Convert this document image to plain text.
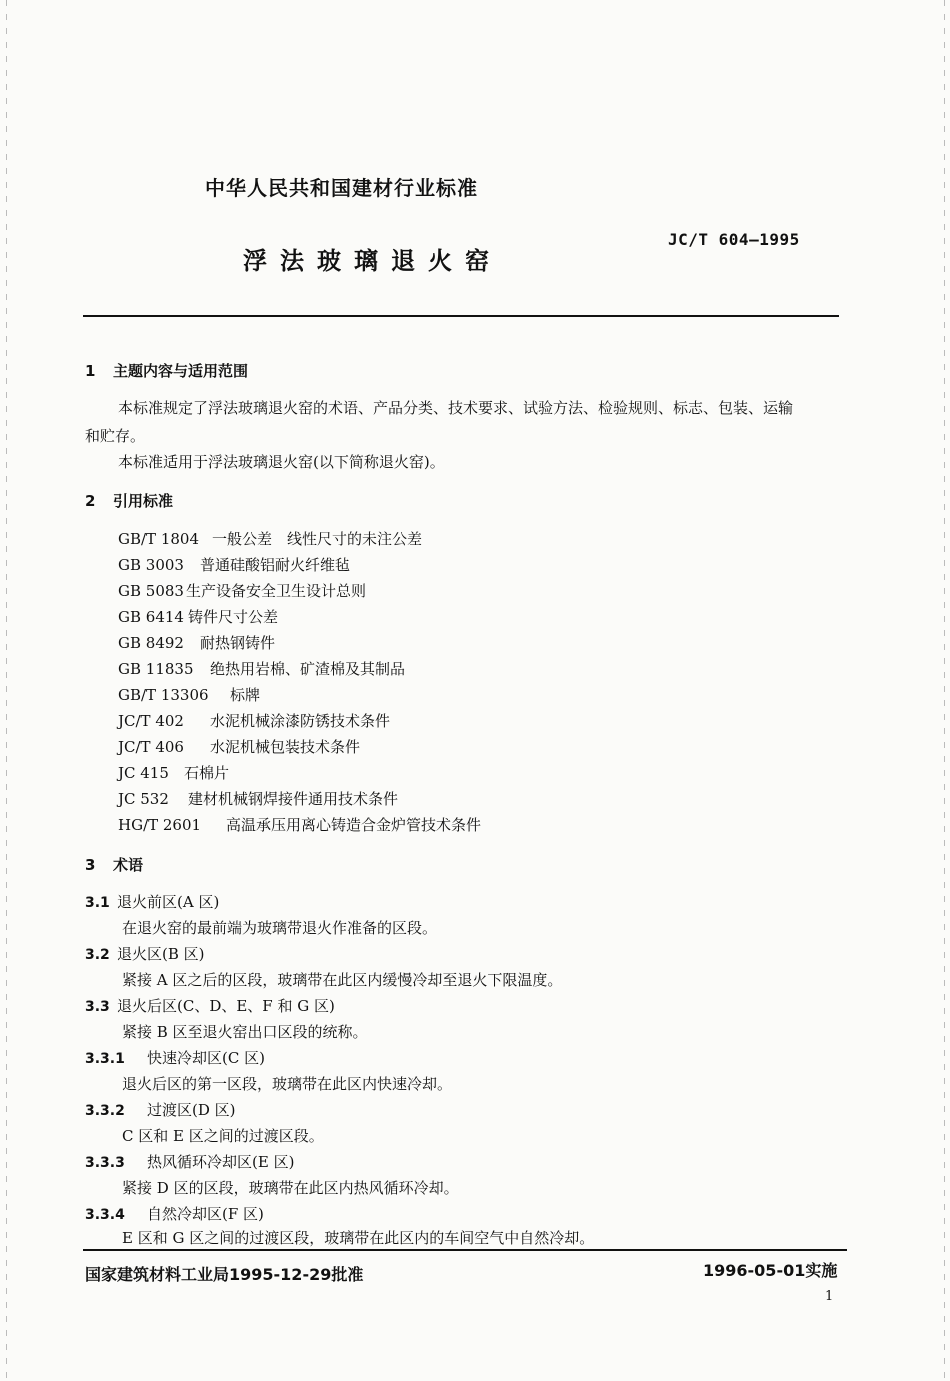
中华人民共和国建材行业标准
浮法玻璃退火窑
JC/T 604—1995
1 主题内容与适用范围
本标准规定了浮法玻璃退火窑的术语、产品分类、技术要求、试验方法、检验规则、标志、包装、运输
和贮存。
本标准适用于浮法玻璃退火窑(以下简称退火窑)。
2 引用标准
GB/T 1804 一般公差　线性尺寸的未注公差
GB 3003 普通硅酸铝耐火纤维毡
GB 5083 生产设备安全卫生设计总则
GB 6414 铸件尺寸公差
GB 8492 耐热钢铸件
GB 11835 绝热用岩棉、矿渣棉及其制品
GB/T 13306 标牌
JC/T 402 水泥机械涂漆防锈技术条件
JC/T 406 水泥机械包装技术条件
JC 415 石棉片
JC 532 建材机械钢焊接件通用技术条件
HG/T 2601 高温承压用离心铸造合金炉管技术条件
3 术语
3.1 退火前区(A 区)
在退火窑的最前端为玻璃带退火作准备的区段。
3.2 退火区(B 区)
紧接 A 区之后的区段，玻璃带在此区内缓慢冷却至退火下限温度。
3.3 退火后区(C、D、E、F 和 G 区)
紧接 B 区至退火窑出口区段的统称。
3.3.1 快速冷却区(C 区)
退火后区的第一区段，玻璃带在此区内快速冷却。
3.3.2 过渡区(D 区)
C 区和 E 区之间的过渡区段。
3.3.3 热风循环冷却区(E 区)
紧接 D 区的区段，玻璃带在此区内热风循环冷却。
3.3.4 自然冷却区(F 区)
E 区和 G 区之间的过渡区段，玻璃带在此区内的车间空气中自然冷却。
国家建筑材料工业局1995-12-29批准	1996-05-01实施
1
